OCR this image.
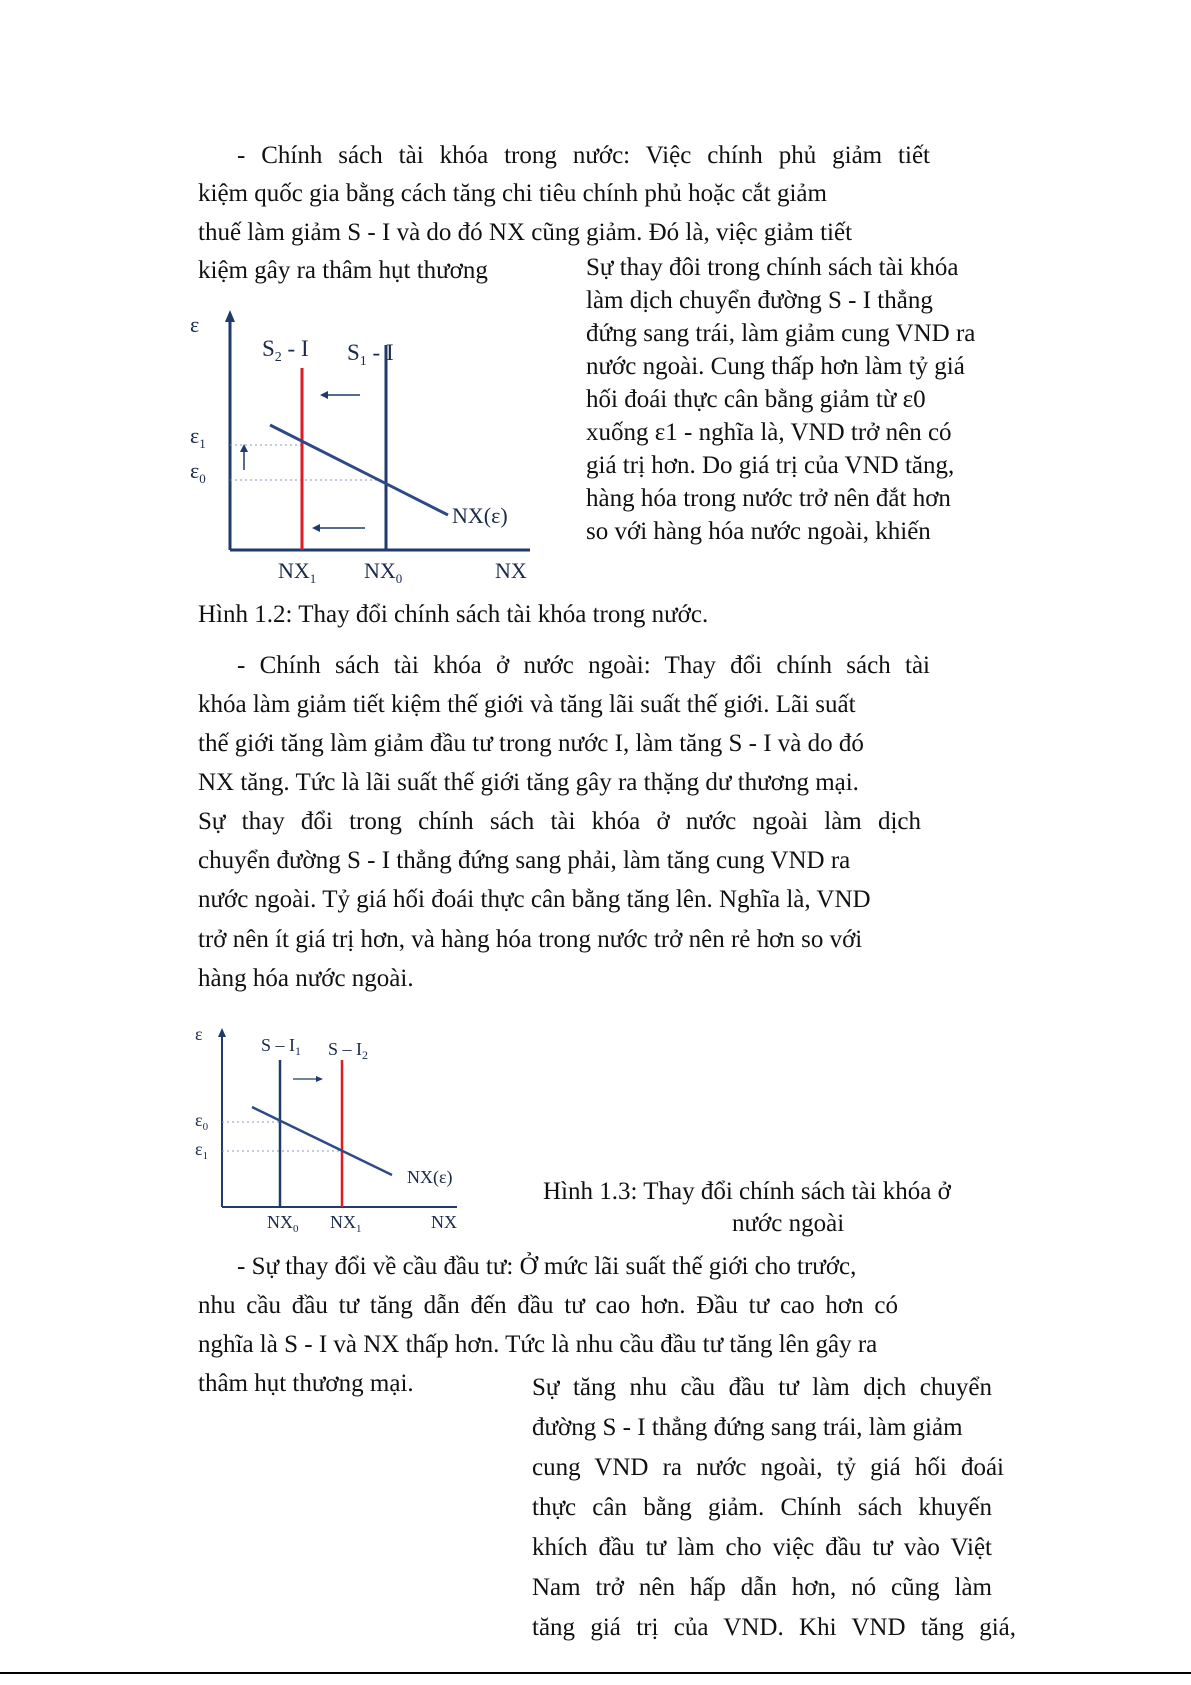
- Chính sách tài khóa trong nước: Việc chính phủ giảm tiết
kiệm quốc gia bằng cách tăng chi tiêu chính phủ hoặc cắt giảm
thuế làm giảm S - I và do đó NX cũng giảm. Đó là, việc giảm tiết
kiệm gây ra thâm hụt thương	Sự thay đôi trong chính sách tài khóa
làm dịch chuyển đường S - I thẳng
đứng sang trái, làm giảm cung VND ra
nước ngoài. Cung thấp hơn làm tỷ giá
hối đoái thực cân bằng giảm từ ε0
xuống ε1 - nghĩa là, VND trở nên có
giá trị hơn. Do giá trị của VND tăng,
hàng hóa trong nước trở nên đắt hơn
so với hàng hóa nước ngoài, khiến
ε
$S_2$ - I $S_1$ - I
$\varepsilon_1$
$\varepsilon_0$
NX(ε)
$NX_1$ $NX_0$	NX
Hình 1.2: Thay đổi chính sách tài khóa trong nước.
- Chính sách tài khóa ở nước ngoài: Thay đổi chính sách tài
khóa làm giảm tiết kiệm thế giới và tăng lãi suất thế giới. Lãi suất
thế giới tăng làm giảm đầu tư trong nước I, làm tăng S - I và do đó
NX tăng. Tức là lãi suất thế giới tăng gây ra thặng dư thương mại.
Sự thay đổi trong chính sách tài khóa ở nước ngoài làm dịch
chuyển đường S - I thẳng đứng sang phải, làm tăng cung VND ra
nước ngoài. Tỷ giá hối đoái thực cân bằng tăng lên. Nghĩa là, VND
trở nên ít giá trị hơn, và hàng hóa trong nước trở nên rẻ hơn so với
hàng hóa nước ngoài.
ε
S – $I_1$ S – $I_2$
$\varepsilon_0$
$\varepsilon_1$
NX(ε)
$NX_0$ $NX_1$	NX
Hình 1.3: Thay đổi chính sách tài khóa ở
nước ngoài
- Sự thay đổi về cầu đầu tư: Ở mức lãi suất thế giới cho trước,
nhu cầu đầu tư tăng dẫn đến đầu tư cao hơn. Đầu tư cao hơn có
nghĩa là S - I và NX thấp hơn. Tức là nhu cầu đầu tư tăng lên gây ra
thâm hụt thương mại.	Sự tăng nhu cầu đầu tư làm dịch chuyển
đường S - I thẳng đứng sang trái, làm giảm
cung VND ra nước ngoài, tỷ giá hối đoái
thực cân bằng giảm. Chính sách khuyến
khích đầu tư làm cho việc đầu tư vào Việt
Nam trở nên hấp dẫn hơn, nó cũng làm
tăng giá trị của VND. Khi VND tăng giá,
